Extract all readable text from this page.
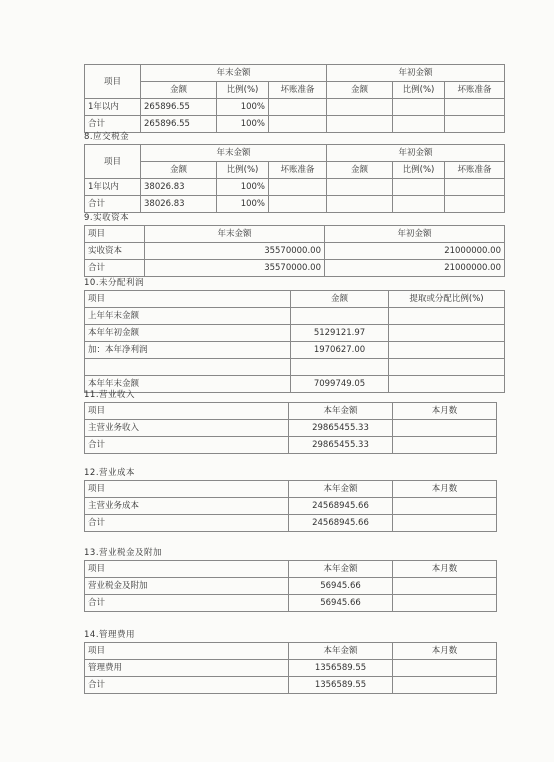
项目	年末金额			年初金额		
	金额	比例(%)	坏账准备	金额	比例(%)	坏账准备
1年以内	265896.55	100%				
合计	265896.55	100%				
8.应交税金
项目	年末金额			年初金额		
	金额	比例(%)	坏账准备	金额	比例(%)	坏账准备
1年以内	38026.83	100%				
合计	38026.83	100%				
9.实收资本
项目	年末金额	年初金额
实收资本	35570000.00	21000000.00
合计	35570000.00	21000000.00
10.未分配利润
项目	金额	提取或分配比例(%)
上年年末金额		
本年年初金额	5129121.97	
加：本年净利润	1970627.00	

本年年末金额	7099749.05	
11.营业收入
项目	本年金额	本月数
主营业务收入	29865455.33	
合计	29865455.33	
12.营业成本
项目	本年金额	本月数
主营业务成本	24568945.66	
合计	24568945.66	
13.营业税金及附加
项目	本年金额	本月数
营业税金及附加	56945.66	
合计	56945.66	
14.管理费用
项目	本年金额	本月数
管理费用	1356589.55	
合计	1356589.55	
